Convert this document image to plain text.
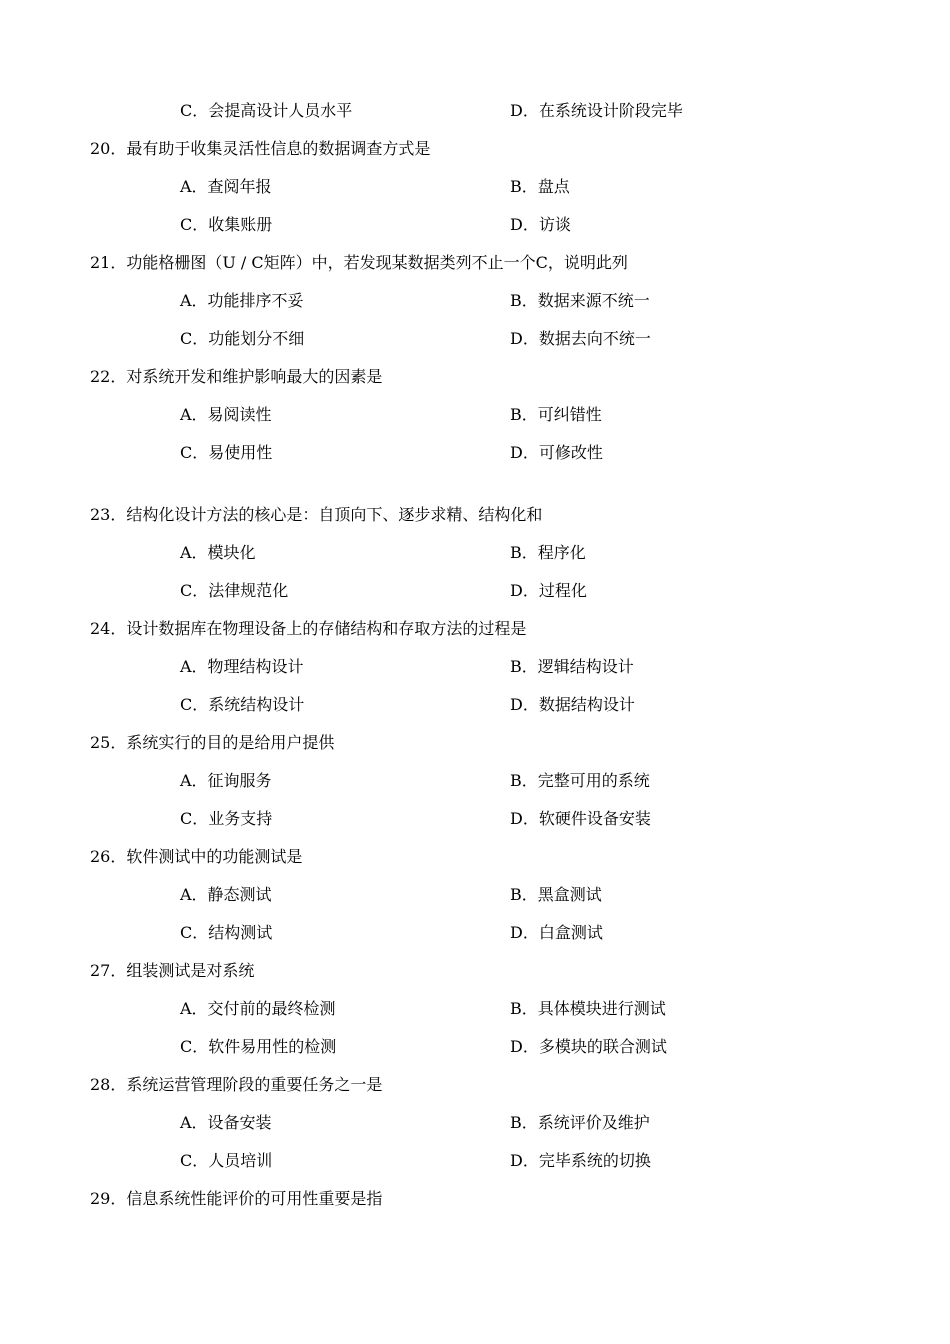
C．会提高设计人员水平	D．在系统设计阶段完毕
20．最有助于收集灵活性信息的数据调查方式是
A．查阅年报	B．盘点
C．收集账册	D．访谈
21．功能格栅图（U / C矩阵）中，若发现某数据类列不止一个C，说明此列
A．功能排序不妥	B．数据来源不统一
C．功能划分不细	D．数据去向不统一
22．对系统开发和维护影响最大的因素是
A．易阅读性	B．可纠错性
C．易使用性	D．可修改性
23．结构化设计方法的核心是：自顶向下、逐步求精、结构化和
A．模块化	B．程序化
C．法律规范化	D．过程化
24．设计数据库在物理设备上的存储结构和存取方法的过程是
A．物理结构设计	B．逻辑结构设计
C．系统结构设计	D．数据结构设计
25．系统实行的目的是给用户提供
A．征询服务	B．完整可用的系统
C．业务支持	D．软硬件设备安装
26．软件测试中的功能测试是
A．静态测试	B．黑盒测试
C．结构测试	D．白盒测试
27．组装测试是对系统
A．交付前的最终检测	B．具体模块进行测试
C．软件易用性的检测	D．多模块的联合测试
28．系统运营管理阶段的重要任务之一是
A．设备安装	B．系统评价及维护
C．人员培训	D．完毕系统的切换
29．信息系统性能评价的可用性重要是指
